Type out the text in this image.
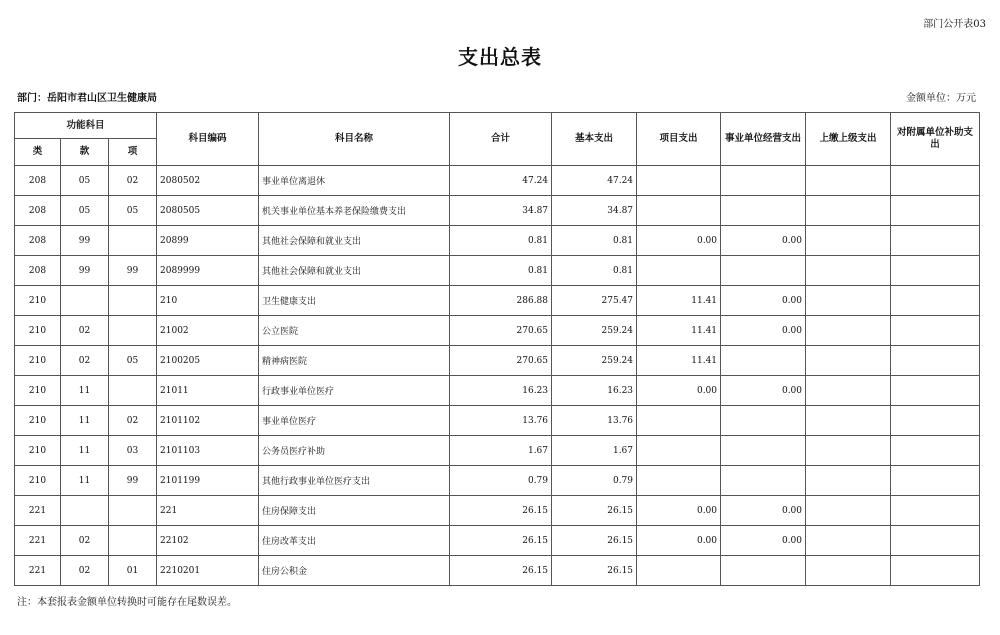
部门公开表03
支出总表
部门：岳阳市君山区卫生健康局	金额单位：万元
功能科目			科目编码	科目名称	合计	基本支出	项目支出	事业单位经营支出	上缴上级支出	对附属单位补助支出
类	款	项								
208	05	02	2080502	事业单位离退休	47.24	47.24				
208	05	05	2080505	机关事业单位基本养老保险缴费支出	34.87	34.87				
208	99		20899	其他社会保障和就业支出	0.81	0.81	0.00	0.00		
208	99	99	2089999	其他社会保障和就业支出	0.81	0.81				
210			210	卫生健康支出	286.88	275.47	11.41	0.00		
210	02		21002	公立医院	270.65	259.24	11.41	0.00		
210	02	05	2100205	精神病医院	270.65	259.24	11.41			
210	11		21011	行政事业单位医疗	16.23	16.23	0.00	0.00		
210	11	02	2101102	事业单位医疗	13.76	13.76				
210	11	03	2101103	公务员医疗补助	1.67	1.67				
210	11	99	2101199	其他行政事业单位医疗支出	0.79	0.79				
221			221	住房保障支出	26.15	26.15	0.00	0.00		
221	02		22102	住房改革支出	26.15	26.15	0.00	0.00		
221	02	01	2210201	住房公积金	26.15	26.15				
注：本套报表金额单位转换时可能存在尾数误差。
